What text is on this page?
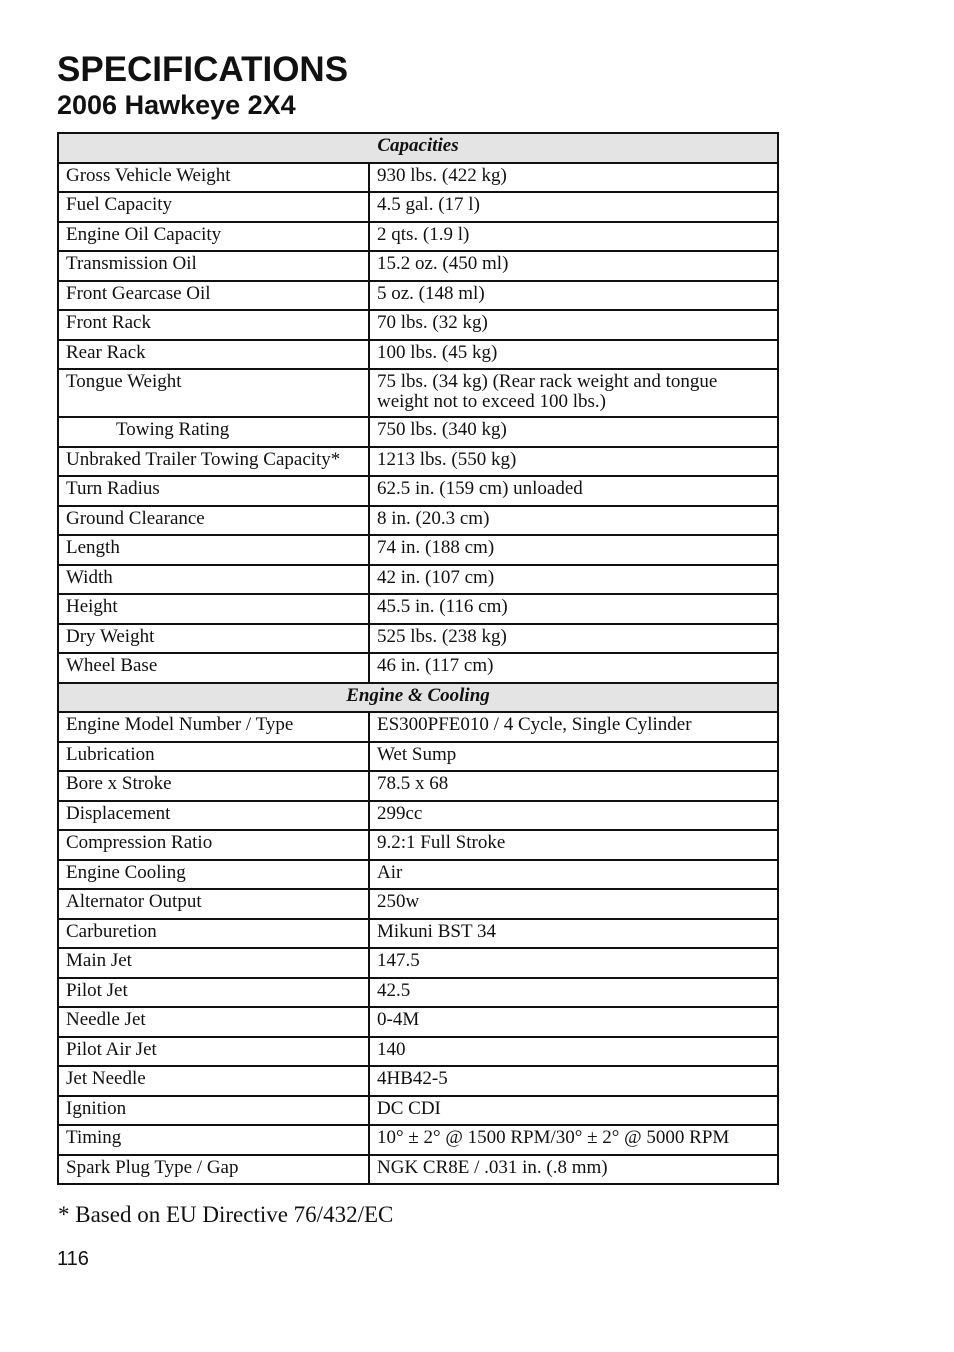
SPECIFICATIONS
2006 Hawkeye 2X4
Capacities	
Gross Vehicle Weight	930 lbs. (422 kg)
Fuel Capacity	4.5 gal. (17 l)
Engine Oil Capacity	2 qts. (1.9 l)
Transmission Oil	15.2 oz. (450 ml)
Front Gearcase Oil	5 oz. (148 ml)
Front Rack	70 lbs. (32 kg)
Rear Rack	100 lbs. (45 kg)
Tongue Weight	75 lbs. (34 kg) (Rear rack weight and tongue weight not to exceed 100 lbs.)
Towing Rating	750 lbs. (340 kg)
Unbraked Trailer Towing Capacity*	1213 lbs. (550 kg)
Turn Radius	62.5 in. (159 cm) unloaded
Ground Clearance	8 in. (20.3 cm)
Length	74 in. (188 cm)
Width	42 in. (107 cm)
Height	45.5 in. (116 cm)
Dry Weight	525 lbs. (238 kg)
Wheel Base	46 in. (117 cm)
Engine & Cooling	
Engine Model Number / Type	ES300PFE010 / 4 Cycle, Single Cylinder
Lubrication	Wet Sump
Bore x Stroke	78.5 x 68
Displacement	299cc
Compression Ratio	9.2:1 Full Stroke
Engine Cooling	Air
Alternator Output	250w
Carburetion	Mikuni BST 34
Main Jet	147.5
Pilot Jet	42.5
Needle Jet	0-4M
Pilot Air Jet	140
Jet Needle	4HB42-5
Ignition	DC CDI
Timing	10° ± 2° @ 1500 RPM/30° ± 2° @ 5000 RPM
Spark Plug Type / Gap	NGK CR8E / .031 in. (.8 mm)
* Based on EU Directive 76/432/EC
116
